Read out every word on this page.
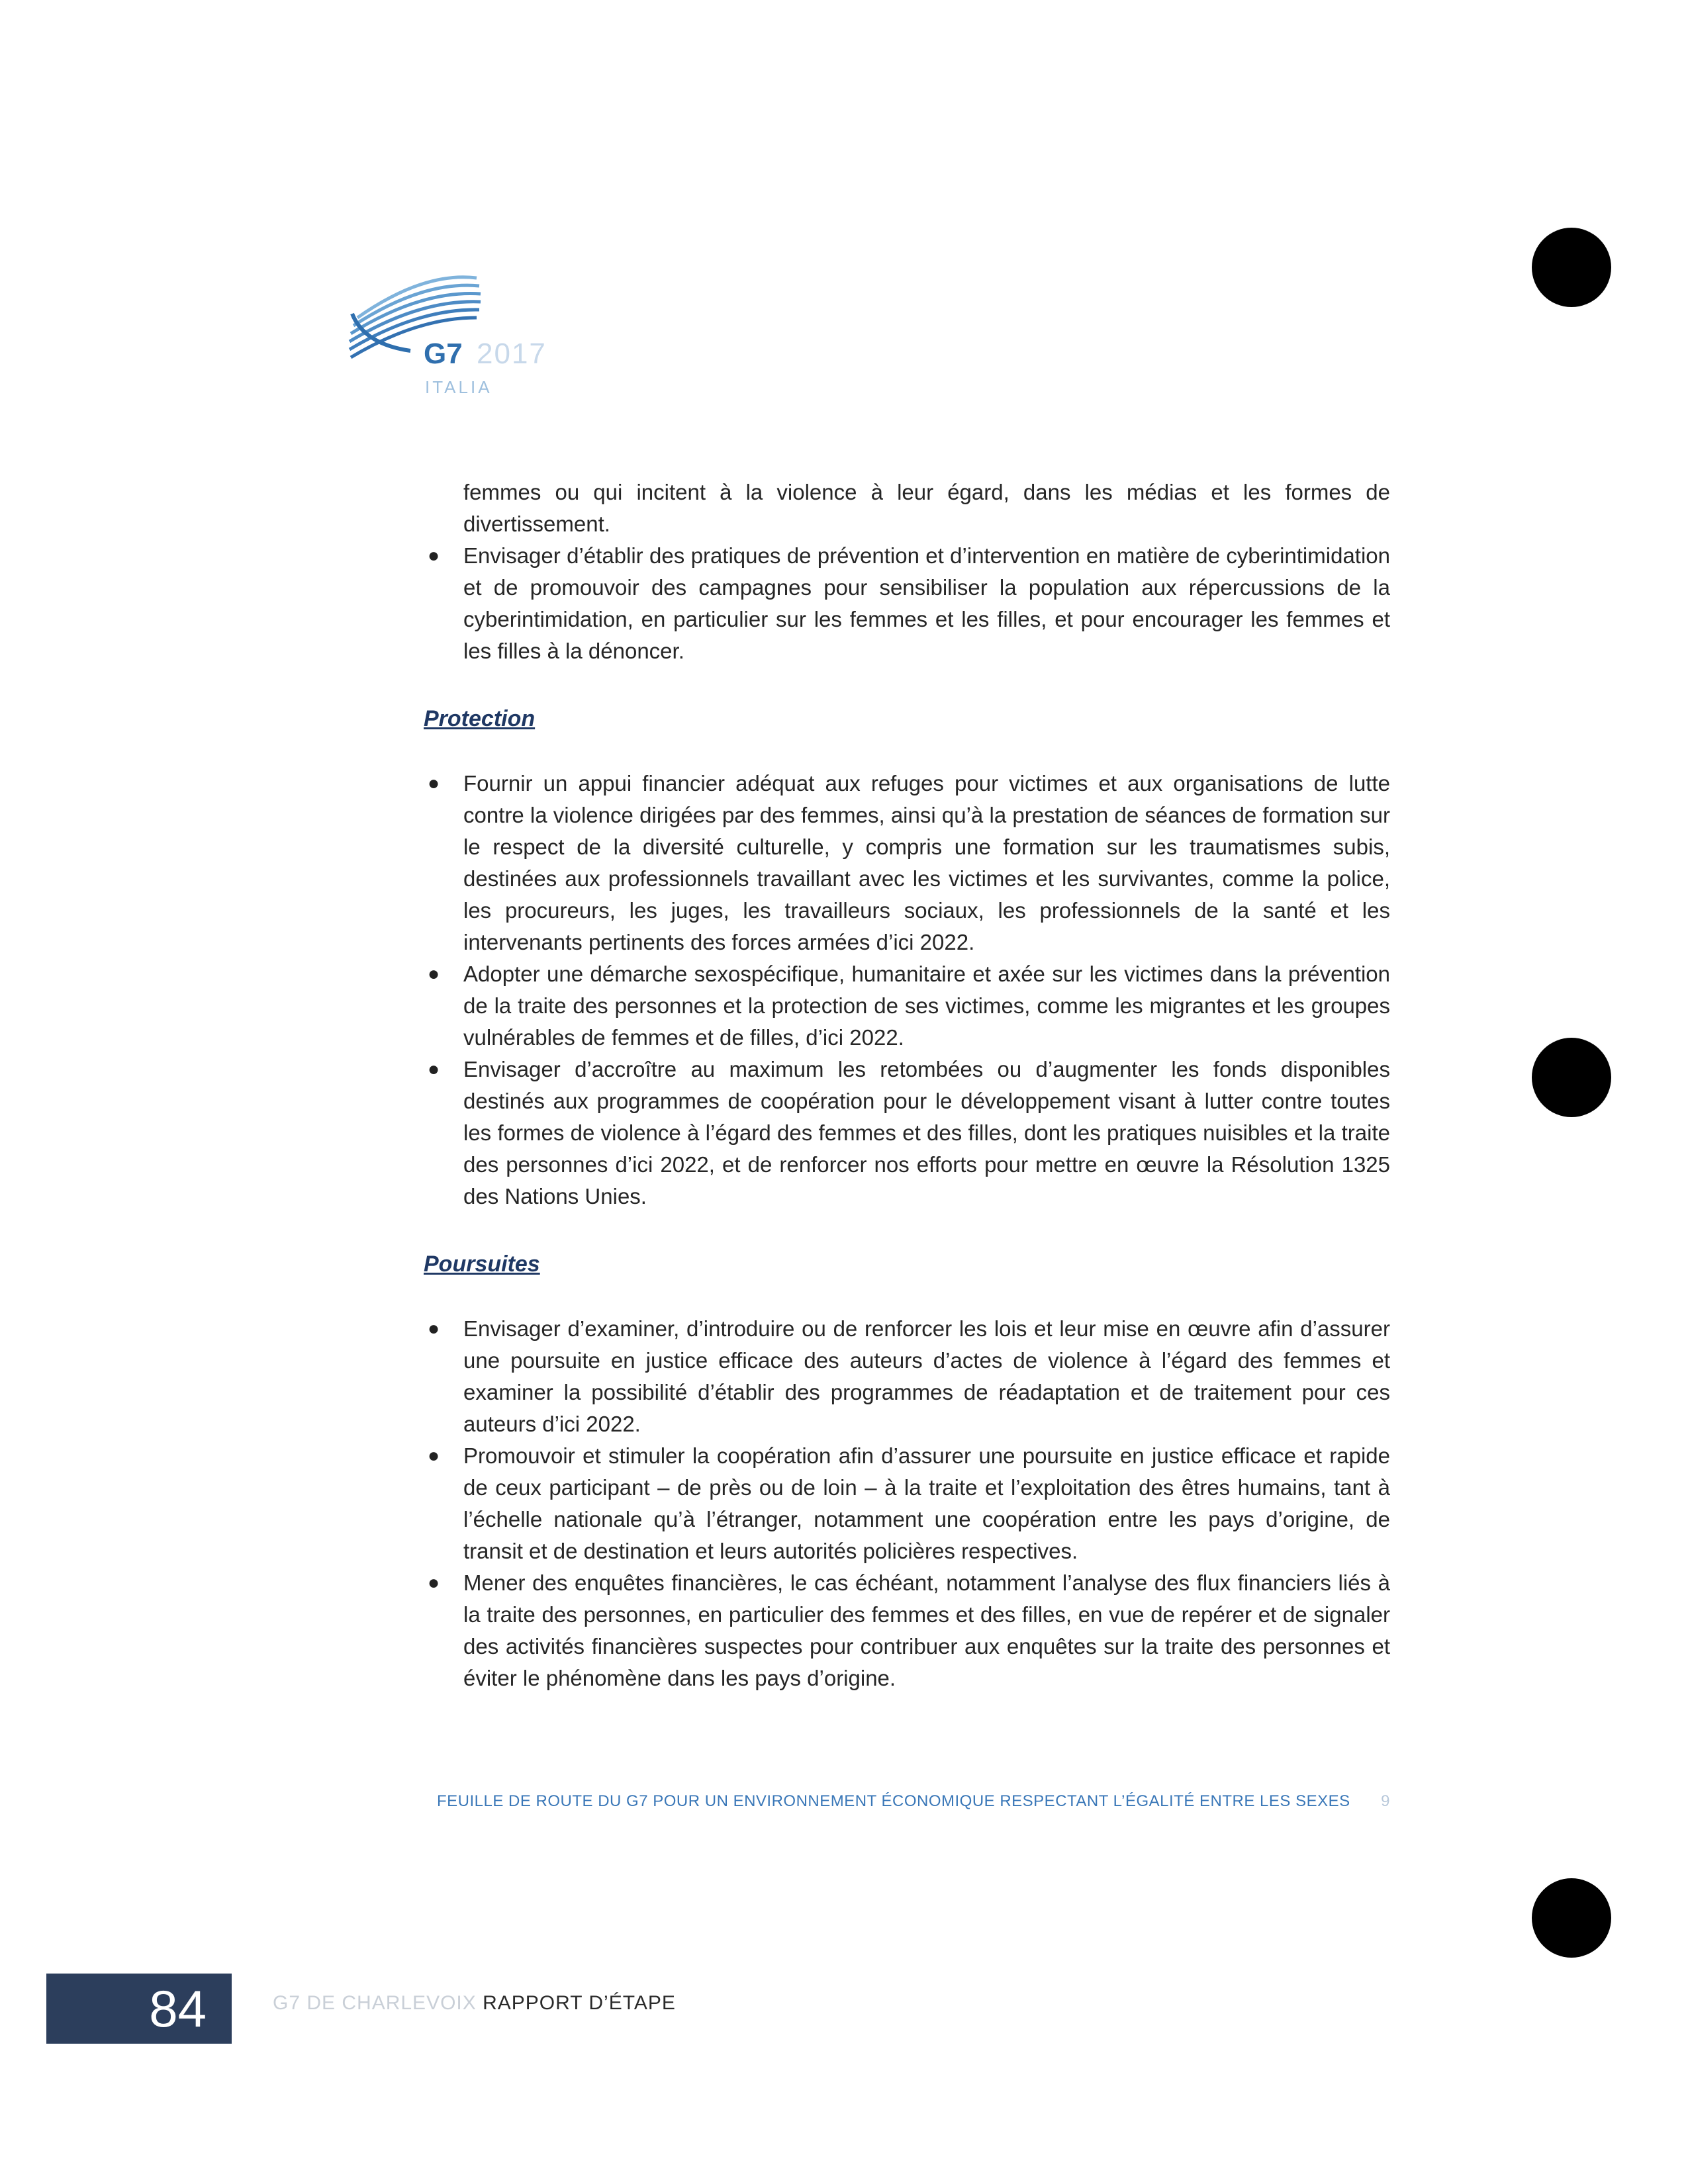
G7 2017
ITALIA

femmes ou qui incitent à la violence à leur égard, dans les médias et les formes de divertissement.

● Envisager d’établir des pratiques de prévention et d’intervention en matière de cyberintimidation et de promouvoir des campagnes pour sensibiliser la population aux répercussions de la cyberintimidation, en particulier sur les femmes et les filles, et pour encourager les femmes et les filles à la dénoncer.
Protection
● Fournir un appui financier adéquat aux refuges pour victimes et aux organisations de lutte contre la violence dirigées par des femmes, ainsi qu’à la prestation de séances de formation sur le respect de la diversité culturelle, y compris une formation sur les traumatismes subis, destinées aux professionnels travaillant avec les victimes et les survivantes, comme la police, les procureurs, les juges, les travailleurs sociaux, les professionnels de la santé et les intervenants pertinents des forces armées d’ici 2022.
● Adopter une démarche sexospécifique, humanitaire et axée sur les victimes dans la prévention de la traite des personnes et la protection de ses victimes, comme les migrantes et les groupes vulnérables de femmes et de filles, d’ici 2022.
● Envisager d’accroître au maximum les retombées ou d’augmenter les fonds disponibles destinés aux programmes de coopération pour le développement visant à lutter contre toutes les formes de violence à l’égard des femmes et des filles, dont les pratiques nuisibles et la traite des personnes d’ici 2022, et de renforcer nos efforts pour mettre en œuvre la Résolution 1325 des Nations Unies.
Poursuites
● Envisager d’examiner, d’introduire ou de renforcer les lois et leur mise en œuvre afin d’assurer une poursuite en justice efficace des auteurs d’actes de violence à l’égard des femmes et examiner la possibilité d’établir des programmes de réadaptation et de traitement pour ces auteurs d’ici 2022.
● Promouvoir et stimuler la coopération afin d’assurer une poursuite en justice efficace et rapide de ceux participant – de près ou de loin – à la traite et l’exploitation des êtres humains, tant à l’échelle nationale qu’à l’étranger, notamment une coopération entre les pays d’origine, de transit et de destination et leurs autorités policières respectives.
● Mener des enquêtes financières, le cas échéant, notamment l’analyse des flux financiers liés à la traite des personnes, en particulier des femmes et des filles, en vue de repérer et de signaler des activités financières suspectes pour contribuer aux enquêtes sur la traite des personnes et éviter le phénomène dans les pays d’origine.
FEUILLE DE ROUTE DU G7 POUR UN ENVIRONNEMENT ÉCONOMIQUE RESPECTANT L’ÉGALITÉ ENTRE LES SEXES 9
84	G7 DE CHARLEVOIX RAPPORT D’ÉTAPE
